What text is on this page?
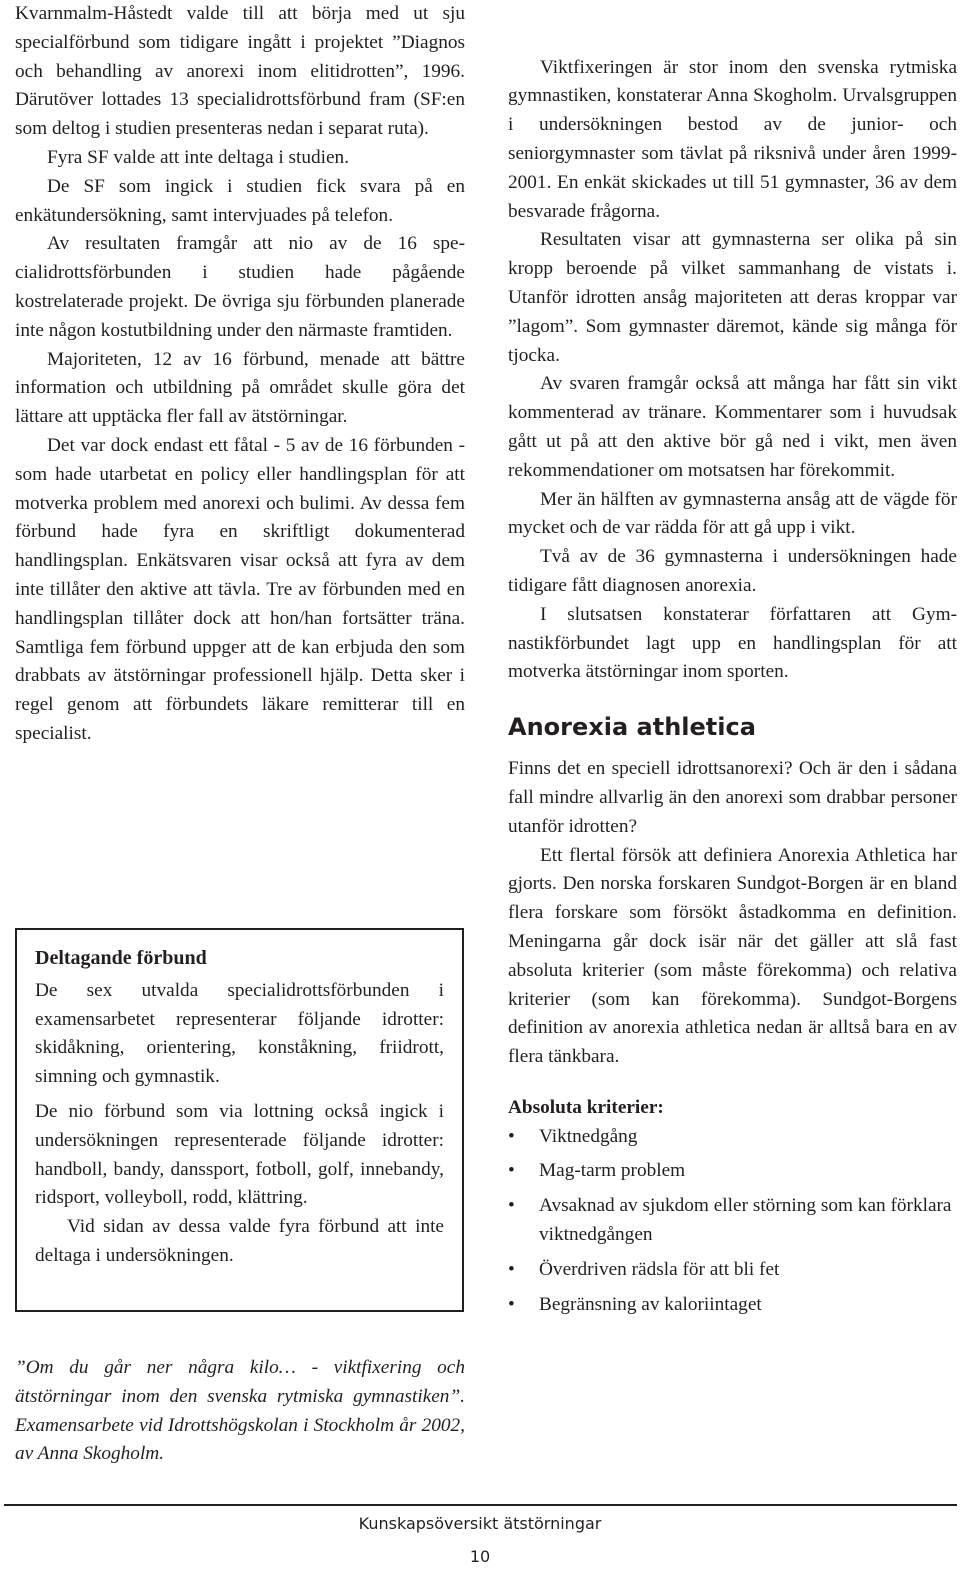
Kvarnmalm-Håstedt valde till att börja med ut sju specialförbund som tidigare ingått i projektet ”Diagnos och behandling av anorexi inom elitidrotten”, 1996. Därutöver lottades 13 specialidrottsförbund fram (SF:en som deltog i studien presenteras nedan i separat ruta).

Fyra SF valde att inte deltaga i studien.

De SF som ingick i studien fick svara på en enkätundersökning, samt intervjuades på telefon.

Av resultaten framgår att nio av de 16 specialidrottsförbunden i studien hade pågående kostrelaterade projekt. De övriga sju förbunden planerade inte någon kostutbildning under den närmaste framtiden.

Majoriteten, 12 av 16 förbund, menade att bättre information och utbildning på området skulle göra det lättare att upptäcka fler fall av ätstörningar.

Det var dock endast ett fåtal - 5 av de 16 förbunden - som hade utarbetat en policy eller handlingsplan för att motverka problem med anorexi och bulimi. Av dessa fem förbund hade fyra en skriftligt dokumenterad handlingsplan. Enkätsvaren visar också att fyra av dem inte tillåter den aktive att tävla. Tre av förbunden med en handlingsplan tillåter dock att hon/han fortsätter träna. Samtliga fem förbund uppger att de kan erbjuda den som drabbats av ätstörningar professionell hjälp. Detta sker i regel genom att förbundets läkare remitterar till en specialist.

Deltagande förbund

De sex utvalda specialidrottsförbunden i examensarbetet representerar följande idrotter: skidåkning, orientering, konståkning, friidrott, simning och gymnastik.

De nio förbund som via lottning också ingick i undersökningen representerade följande idrotter: handboll, bandy, danssport, fotboll, golf, innebandy, ridsport, volleyboll, rodd, klättring.

Vid sidan av dessa valde fyra förbund att inte deltaga i undersökningen.

”Om du går ner några kilo… - viktfixering och ätstörningar inom den svenska rytmiska gymnastiken”. Examensarbete vid Idrottshögskolan i Stockholm år 2002, av Anna Skogholm.

Viktfixeringen är stor inom den svenska rytmiska gymnastiken, konstaterar Anna Skogholm. Urvalsgruppen i undersökningen bestod av de junior- och seniorgymnaster som tävlat på riksnivå under åren 1999-2001. En enkät skickades ut till 51 gymnaster, 36 av dem besvarade frågorna.

Resultaten visar att gymnasterna ser olika på sin kropp beroende på vilket sammanhang de vistats i. Utanför idrotten ansåg majoriteten att deras kroppar var ”lagom”. Som gymnaster däremot, kände sig många för tjocka.

Av svaren framgår också att många har fått sin vikt kommenterad av tränare. Kommentarer som i huvudsak gått ut på att den aktive bör gå ned i vikt, men även rekommendationer om motsatsen har förekommit.

Mer än hälften av gymnasterna ansåg att de vägde för mycket och de var rädda för att gå upp i vikt.

Två av de 36 gymnasterna i undersökningen hade tidigare fått diagnosen anorexia.

I slutsatsen konstaterar författaren att Gymnastikförbundet lagt upp en handlingsplan för att motverka ätstörningar inom sporten.

Anorexia athletica

Finns det en speciell idrottsanorexi? Och är den i sådana fall mindre allvarlig än den anorexi som drabbar personer utanför idrotten?

Ett flertal försök att definiera Anorexia Athletica har gjorts. Den norska forskaren Sundgot-Borgen är en bland flera forskare som försökt åstadkomma en definition. Meningarna går dock isär när det gäller att slå fast absoluta kriterier (som måste förekomma) och relativa kriterier (som kan förekomma). Sundgot-Borgens definition av anorexia athletica nedan är alltså bara en av flera tänkbara.

Absoluta kriterier:

• Viktnedgång
• Mag-tarm problem
• Avsaknad av sjukdom eller störning som kan förklara viktnedgången
• Överdriven rädsla för att bli fet
• Begränsning av kaloriintaget
Kunskapsöversikt ätstörningar
10
